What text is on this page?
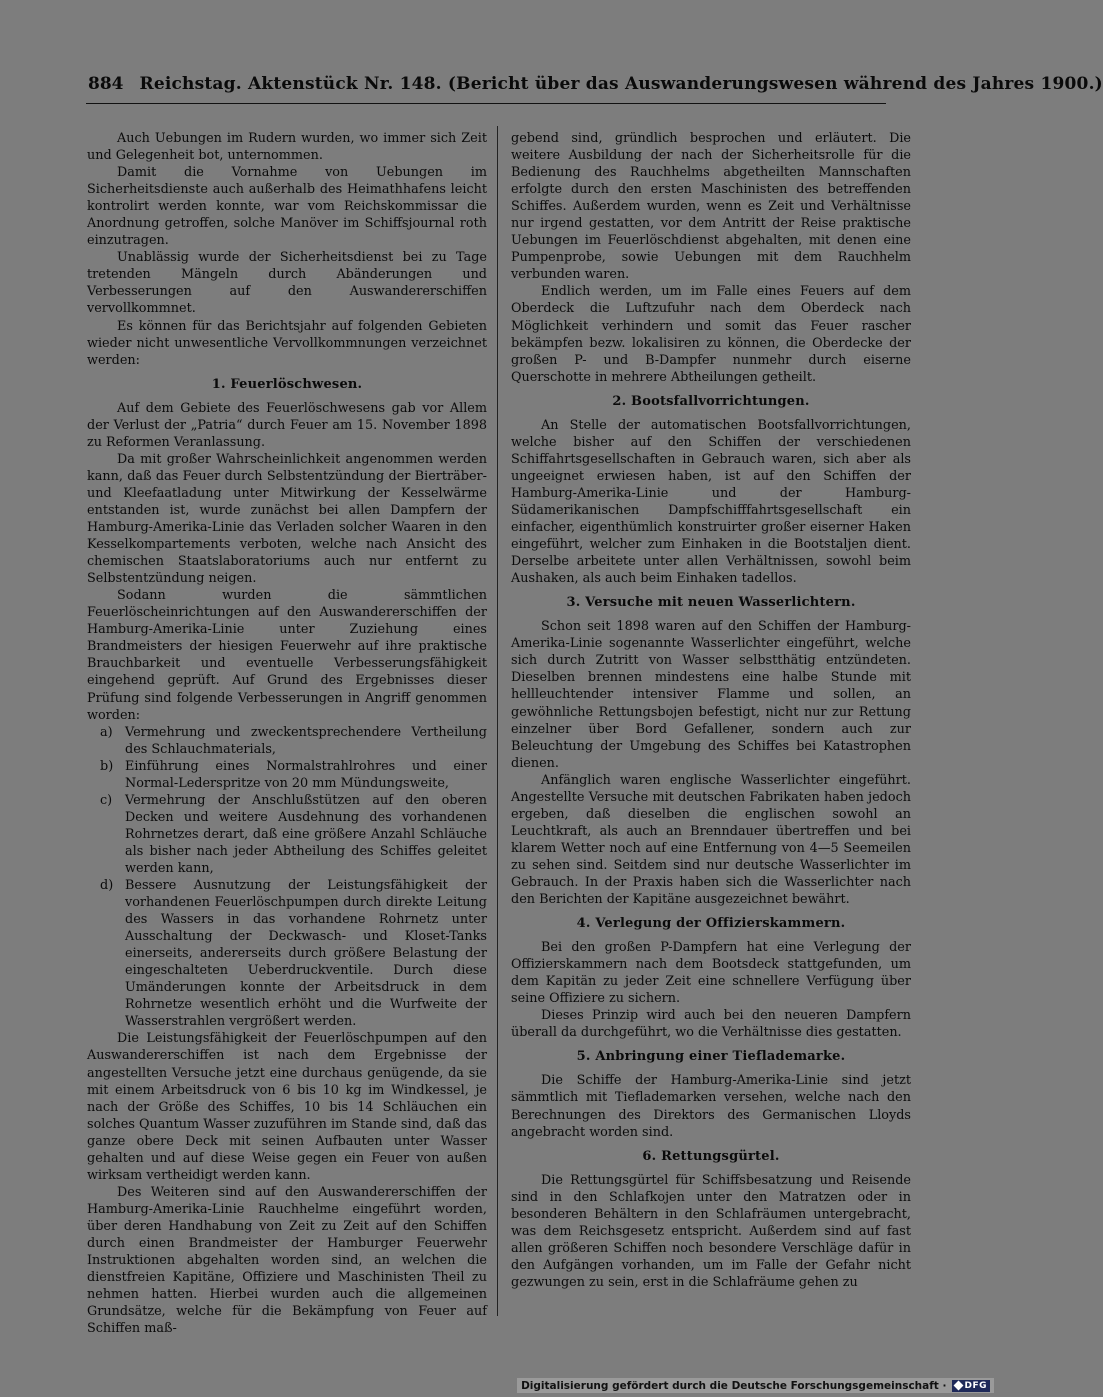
884 Reichstag. Aktenstück Nr. 148. (Bericht über das Auswanderungswesen während des Jahres 1900.)

Auch Uebungen im Rudern wurden, wo immer sich Zeit und Gelegenheit bot, unternommen.

Damit die Vornahme von Uebungen im Sicherheitsdienste auch außerhalb des Heimathhafens leicht kontrolirt werden konnte, war vom Reichskommissar die Anordnung getroffen, solche Manöver im Schiffsjournal roth einzutragen.

Unablässig wurde der Sicherheitsdienst bei zu Tage tretenden Mängeln durch Abänderungen und Verbesserungen auf den Auswandererschiffen vervollkommnet.

Es können für das Berichtsjahr auf folgenden Gebieten wieder nicht unwesentliche Vervollkommnungen verzeichnet werden:

1. Feuerlöschwesen.

Auf dem Gebiete des Feuerlöschwesens gab vor Allem der Verlust der „Patria“ durch Feuer am 15. November 1898 zu Reformen Veranlassung.

Da mit großer Wahrscheinlichkeit angenommen werden kann, daß das Feuer durch Selbstentzündung der Bierträber- und Kleefaatladung unter Mitwirkung der Kesselwärme entstanden ist, wurde zunächst bei allen Dampfern der Hamburg-Amerika-Linie das Verladen solcher Waaren in den Kesselkompartements verboten, welche nach Ansicht des chemischen Staatslaboratoriums auch nur entfernt zu Selbstentzündung neigen.

Sodann wurden die sämmtlichen Feuerlöscheinrichtungen auf den Auswandererschiffen der Hamburg-Amerika-Linie unter Zuziehung eines Brandmeisters der hiesigen Feuerwehr auf ihre praktische Brauchbarkeit und eventuelle Verbesserungsfähigkeit eingehend geprüft. Auf Grund des Ergebnisses dieser Prüfung sind folgende Verbesserungen in Angriff genommen worden:

a) Vermehrung und zweckentsprechendere Vertheilung des Schlauchmaterials,
b) Einführung eines Normalstrahlrohres und einer Normal-Lederspritze von 20 mm Mündungsweite,
c) Vermehrung der Anschlußstützen auf den oberen Decken und weitere Ausdehnung des vorhandenen Rohrnetzes derart, daß eine größere Anzahl Schläuche als bisher nach jeder Abtheilung des Schiffes geleitet werden kann,
d) Bessere Ausnutzung der Leistungsfähigkeit der vorhandenen Feuerlöschpumpen durch direkte Leitung des Wassers in das vorhandene Rohrnetz unter Ausschaltung der Deckwasch- und Kloset-Tanks einerseits, andererseits durch größere Belastung der eingeschalteten Ueberdruckventile. Durch diese Umänderungen konnte der Arbeitsdruck in dem Rohrnetze wesentlich erhöht und die Wurfweite der Wasserstrahlen vergrößert werden.

Die Leistungsfähigkeit der Feuerlöschpumpen auf den Auswandererschiffen ist nach dem Ergebnisse der angestellten Versuche jetzt eine durchaus genügende, da sie mit einem Arbeitsdruck von 6 bis 10 kg im Windkessel, je nach der Größe des Schiffes, 10 bis 14 Schläuchen ein solches Quantum Wasser zuzuführen im Stande sind, daß das ganze obere Deck mit seinen Aufbauten unter Wasser gehalten und auf diese Weise gegen ein Feuer von außen wirksam vertheidigt werden kann.

Des Weiteren sind auf den Auswandererschiffen der Hamburg-Amerika-Linie Rauchhelme eingeführt worden, über deren Handhabung von Zeit zu Zeit auf den Schiffen durch einen Brandmeister der Hamburger Feuerwehr Instruktionen abgehalten worden sind, an welchen die dienstfreien Kapitäne, Offiziere und Maschinisten Theil zu nehmen hatten. Hierbei wurden auch die allgemeinen Grundsätze, welche für die Bekämpfung von Feuer auf Schiffen maß-

gebend sind, gründlich besprochen und erläutert. Die weitere Ausbildung der nach der Sicherheitsrolle für die Bedienung des Rauchhelms abgetheilten Mannschaften erfolgte durch den ersten Maschinisten des betreffenden Schiffes. Außerdem wurden, wenn es Zeit und Verhältnisse nur irgend gestatten, vor dem Antritt der Reise praktische Uebungen im Feuerlöschdienst abgehalten, mit denen eine Pumpenprobe, sowie Uebungen mit dem Rauchhelm verbunden waren.

Endlich werden, um im Falle eines Feuers auf dem Oberdeck die Luftzufuhr nach dem Oberdeck nach Möglichkeit verhindern und somit das Feuer rascher bekämpfen bezw. lokalisiren zu können, die Oberdecke der großen P- und B-Dampfer nunmehr durch eiserne Querschotte in mehrere Abtheilungen getheilt.

2. Bootsfallvorrichtungen.

An Stelle der automatischen Bootsfallvorrichtungen, welche bisher auf den Schiffen der verschiedenen Schiffahrtsgesellschaften in Gebrauch waren, sich aber als ungeeignet erwiesen haben, ist auf den Schiffen der Hamburg-Amerika-Linie und der Hamburg-Südamerikanischen Dampfschifffahrtsgesellschaft ein einfacher, eigenthümlich konstruirter großer eiserner Haken eingeführt, welcher zum Einhaken in die Bootstaljen dient. Derselbe arbeitete unter allen Verhältnissen, sowohl beim Aushaken, als auch beim Einhaken tadellos.

3. Versuche mit neuen Wasserlichtern.

Schon seit 1898 waren auf den Schiffen der Hamburg-Amerika-Linie sogenannte Wasserlichter eingeführt, welche sich durch Zutritt von Wasser selbstthätig entzündeten. Dieselben brennen mindestens eine halbe Stunde mit hellleuchtender intensiver Flamme und sollen, an gewöhnliche Rettungsbojen befestigt, nicht nur zur Rettung einzelner über Bord Gefallener, sondern auch zur Beleuchtung der Umgebung des Schiffes bei Katastrophen dienen.

Anfänglich waren englische Wasserlichter eingeführt. Angestellte Versuche mit deutschen Fabrikaten haben jedoch ergeben, daß dieselben die englischen sowohl an Leuchtkraft, als auch an Brenndauer übertreffen und bei klarem Wetter noch auf eine Entfernung von 4—5 Seemeilen zu sehen sind. Seitdem sind nur deutsche Wasserlichter im Gebrauch. In der Praxis haben sich die Wasserlichter nach den Berichten der Kapitäne ausgezeichnet bewährt.

4. Verlegung der Offizierskammern.

Bei den großen P-Dampfern hat eine Verlegung der Offizierskammern nach dem Bootsdeck stattgefunden, um dem Kapitän zu jeder Zeit eine schnellere Verfügung über seine Offiziere zu sichern.

Dieses Prinzip wird auch bei den neueren Dampfern überall da durchgeführt, wo die Verhältnisse dies gestatten.

5. Anbringung einer Tieflademarke.

Die Schiffe der Hamburg-Amerika-Linie sind jetzt sämmtlich mit Tieflademarken versehen, welche nach den Berechnungen des Direktors des Germanischen Lloyds angebracht worden sind.

6. Rettungsgürtel.

Die Rettungsgürtel für Schiffsbesatzung und Reisende sind in den Schlafkojen unter den Matratzen oder in besonderen Behältern in den Schlafräumen untergebracht, was dem Reichsgesetz entspricht. Außerdem sind auf fast allen größeren Schiffen noch besondere Verschläge dafür in den Aufgängen vorhanden, um im Falle der Gefahr nicht gezwungen zu sein, erst in die Schlafräume gehen zu

Digitalisierung gefördert durch die Deutsche Forschungsgemeinschaft · DFG
